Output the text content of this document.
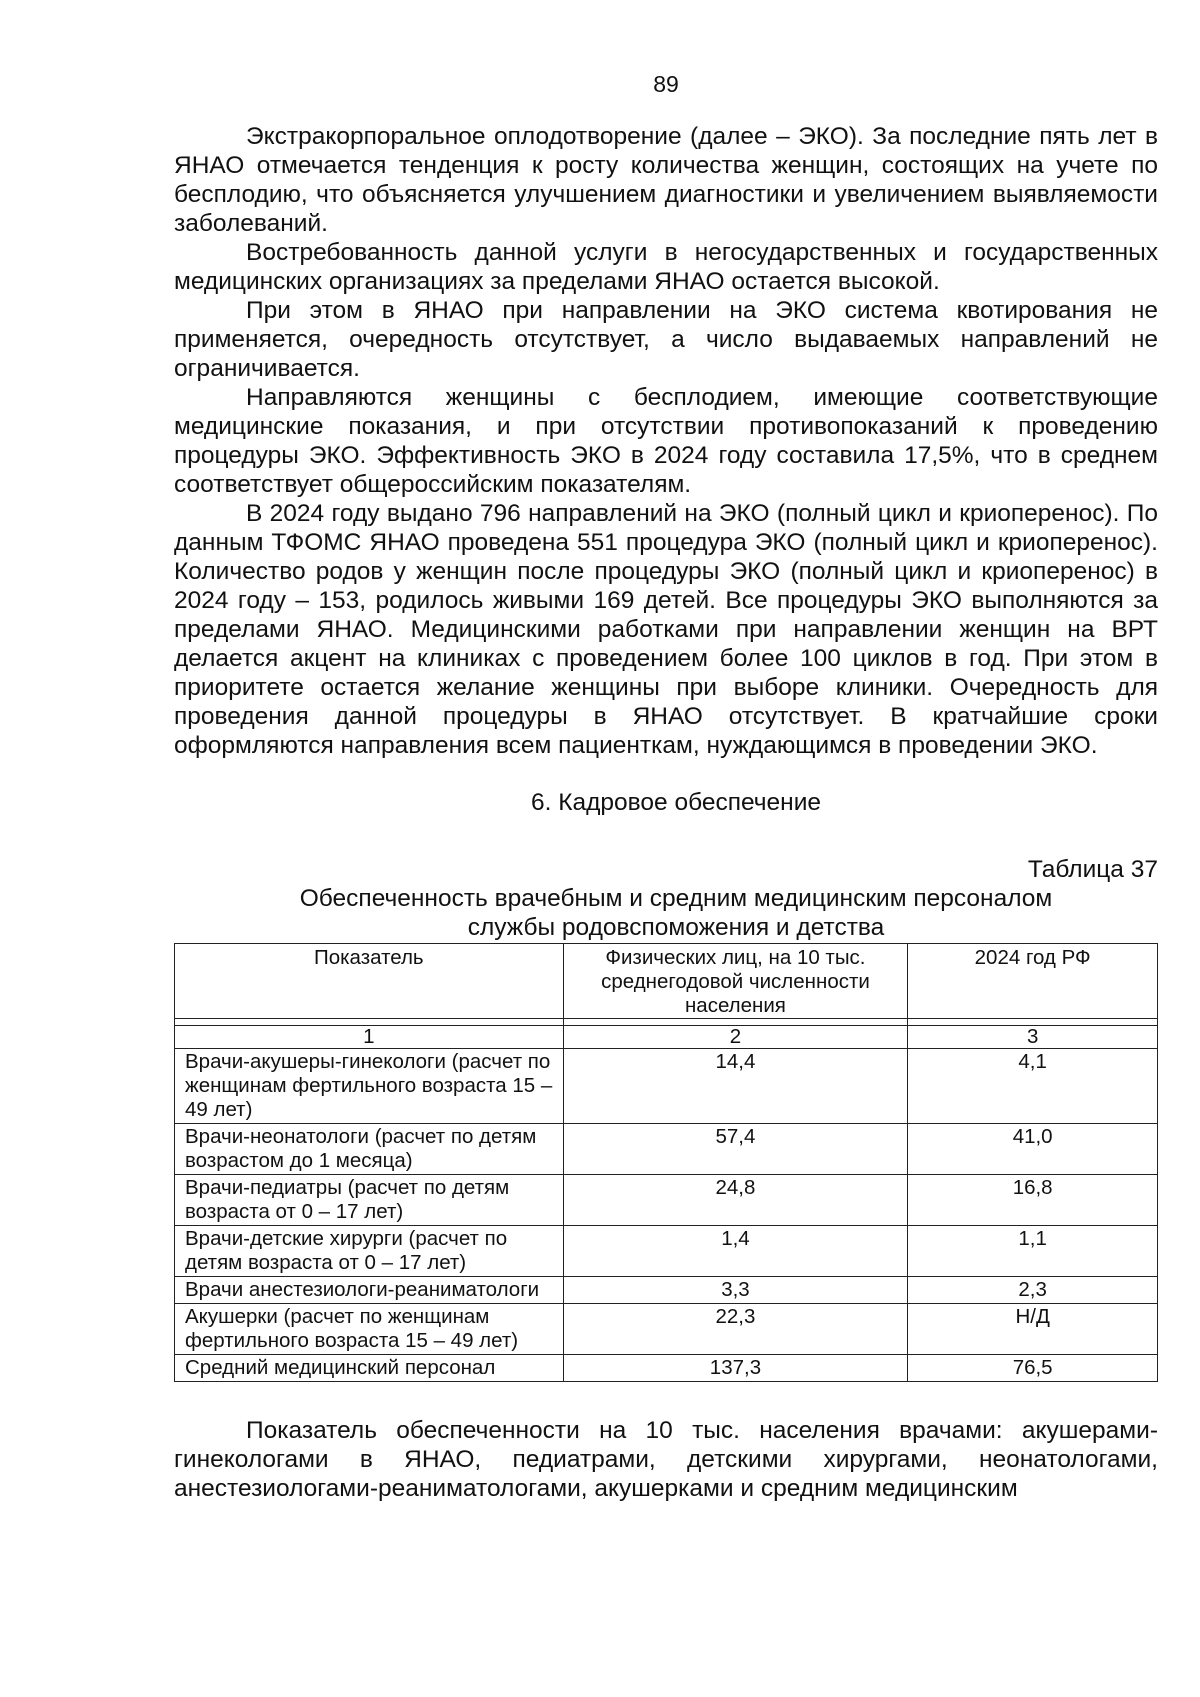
89

Экстракорпоральное оплодотворение (далее – ЭКО). За последние пять лет в ЯНАО отмечается тенденция к росту количества женщин, состоящих на учете по бесплодию, что объясняется улучшением диагностики и увеличением выявляемости заболеваний.

Востребованность данной услуги в негосударственных и государственных медицинских организациях за пределами ЯНАО остается высокой.

При этом в ЯНАО при направлении на ЭКО система квотирования не применяется, очередность отсутствует, а число выдаваемых направлений не ограничивается.

Направляются женщины с бесплодием, имеющие соответствующие медицинские показания, и при отсутствии противопоказаний к проведению процедуры ЭКО. Эффективность ЭКО в 2024 году составила 17,5%, что в среднем соответствует общероссийским показателям.

В 2024 году выдано 796 направлений на ЭКО (полный цикл и криоперенос). По данным ТФОМС ЯНАО проведена 551 процедура ЭКО (полный цикл и криоперенос). Количество родов у женщин после процедуры ЭКО (полный цикл и криоперенос) в 2024 году – 153, родилось живыми 169 детей. Все процедуры ЭКО выполняются за пределами ЯНАО. Медицинскими работками при направлении женщин на ВРТ делается акцент на клиниках с проведением более 100 циклов в год. При этом в приоритете остается желание женщины при выборе клиники. Очередность для проведения данной процедуры в ЯНАО отсутствует. В кратчайшие сроки оформляются направления всем пациенткам, нуждающимся в проведении ЭКО.

6. Кадровое обеспечение
Таблица 37
Обеспеченность врачебным и средним медицинским персоналом
службы родовспоможения и детства
Показатель	Физических лиц, на 10 тыс. среднегодовой численности населения	2024 год РФ

1	2	3
Врачи-акушеры-гинекологи (расчет по женщинам фертильного возраста 15 – 49 лет)	14,4	4,1
Врачи-неонатологи (расчет по детям возрастом до 1 месяца)	57,4	41,0
Врачи-педиатры (расчет по детям возраста от 0 – 17 лет)	24,8	16,8
Врачи-детские хирурги (расчет по детям возраста от 0 – 17 лет)	1,4	1,1
Врачи анестезиологи-реаниматологи	3,3	2,3
Акушерки (расчет по женщинам фертильного возраста 15 – 49 лет)	22,3	Н/Д
Средний медицинский персонал	137,3	76,5

Показатель обеспеченности на 10 тыс. населения врачами: акушерами-гинекологами в ЯНАО, педиатрами, детскими хирургами, неонатологами, анестезиологами-реаниматологами, акушерками и средним медицинским
